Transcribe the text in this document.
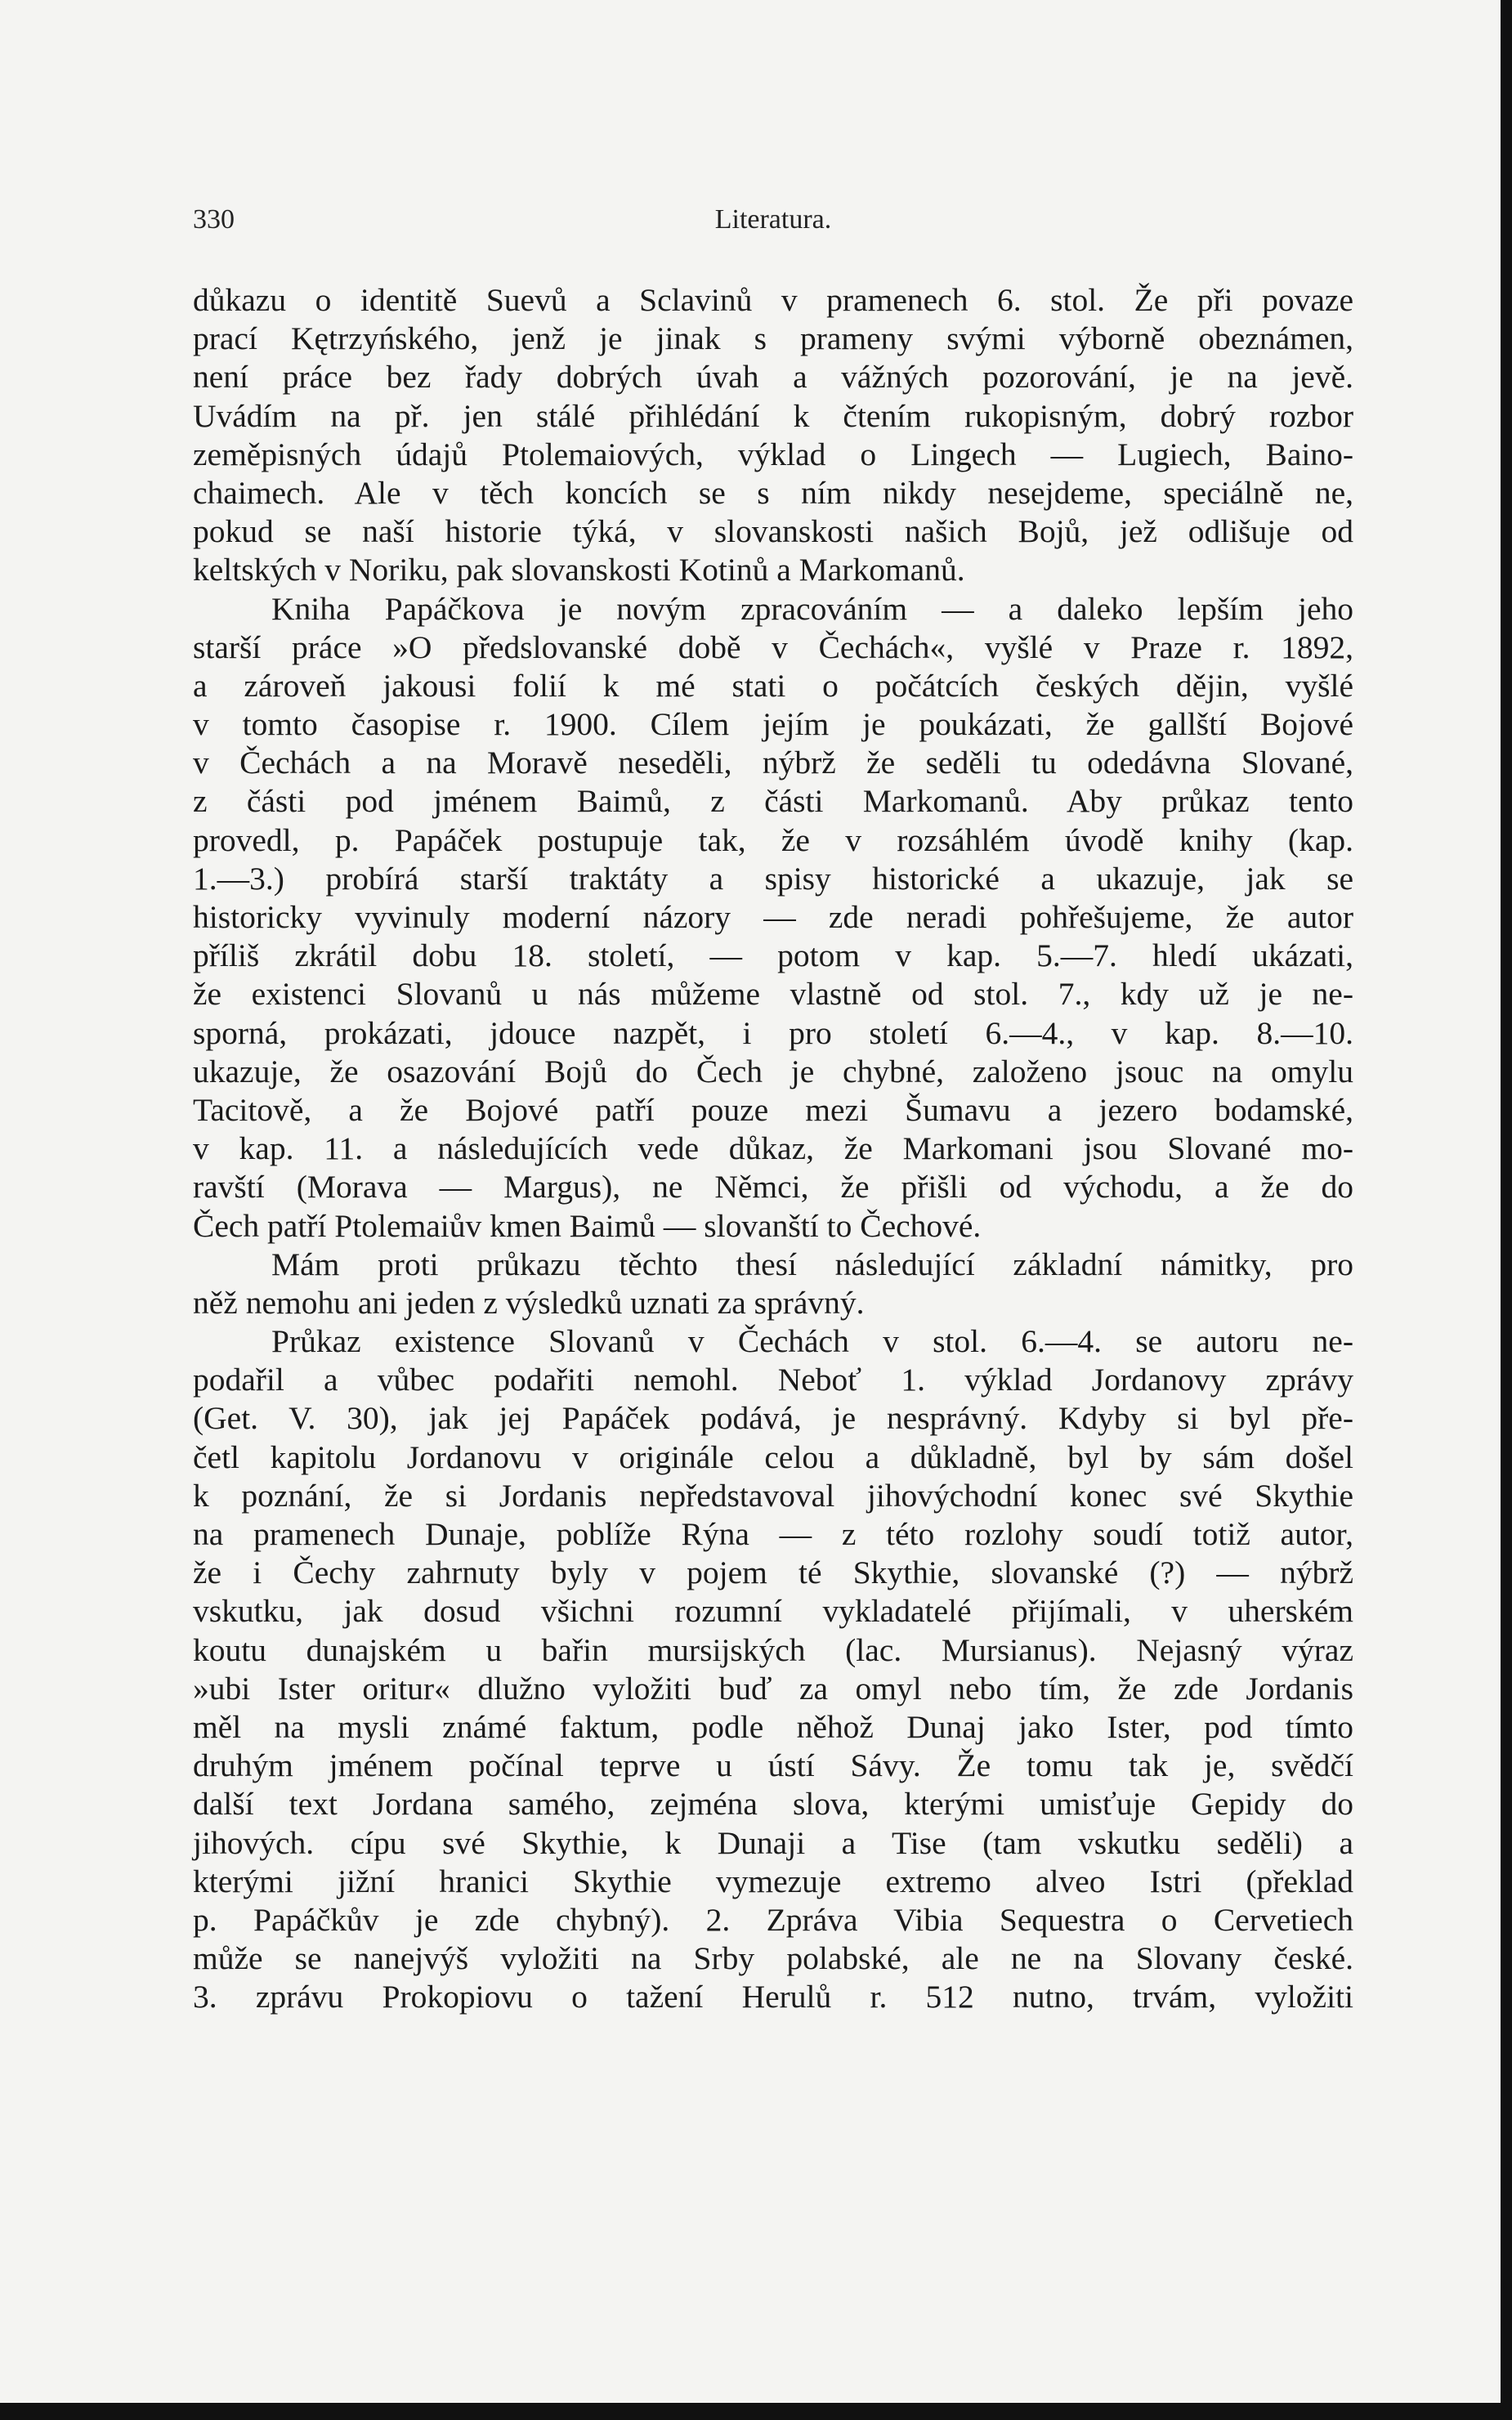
330	Literatura.
důkazu o identitě Suevů a Sclavinů v pramenech 6. stol. Že při povaze
prací Kętrzyńského, jenž je jinak s prameny svými výborně obeznámen,
není práce bez řady dobrých úvah a vážných pozorování, je na jevě.
Uvádím na př. jen stálé přihlédání k čtením rukopisným, dobrý rozbor
zeměpisných údajů Ptolemaiových, výklad o Lingech — Lugiech, Baino-
chaimech. Ale v těch koncích se s ním nikdy nesejdeme, speciálně ne,
pokud se naší historie týká, v slovanskosti našich Bojů, jež odlišuje od
keltských v Noriku, pak slovanskosti Kotinů a Markomanů.
Kniha Papáčkova je novým zpracováním — a daleko lepším jeho
starší práce »O předslovanské době v Čechách«, vyšlé v Praze r. 1892,
a zároveň jakousi folií k mé stati o počátcích českých dějin, vyšlé
v tomto časopise r. 1900. Cílem jejím je poukázati, že gallští Bojové
v Čechách a na Moravě neseděli, nýbrž že seděli tu odedávna Slované,
z části pod jménem Baimů, z části Markomanů. Aby průkaz tento
provedl, p. Papáček postupuje tak, že v rozsáhlém úvodě knihy (kap.
1.—3.) probírá starší traktáty a spisy historické a ukazuje, jak se
historicky vyvinuly moderní názory — zde neradi pohřešujeme, že autor
příliš zkrátil dobu 18. století, — potom v kap. 5.—7. hledí ukázati,
že existenci Slovanů u nás můžeme vlastně od stol. 7., kdy už je ne-
sporná, prokázati, jdouce nazpět, i pro století 6.—4., v kap. 8.—10.
ukazuje, že osazování Bojů do Čech je chybné, založeno jsouc na omylu
Tacitově, a že Bojové patří pouze mezi Šumavu a jezero bodamské,
v kap. 11. a následujících vede důkaz, že Markomani jsou Slované mo-
ravští (Morava — Margus), ne Němci, že přišli od východu, a že do
Čech patří Ptolemaiův kmen Baimů — slovanští to Čechové.
Mám proti průkazu těchto thesí následující základní námitky, pro
něž nemohu ani jeden z výsledků uznati za správný.
Průkaz existence Slovanů v Čechách v stol. 6.—4. se autoru ne-
podařil a vůbec podařiti nemohl. Neboť 1. výklad Jordanovy zprávy
(Get. V. 30), jak jej Papáček podává, je nesprávný. Kdyby si byl pře-
četl kapitolu Jordanovu v originále celou a důkladně, byl by sám došel
k poznání, že si Jordanis nepředstavoval jihovýchodní konec své Skythie
na pramenech Dunaje, poblíže Rýna — z této rozlohy soudí totiž autor,
že i Čechy zahrnuty byly v pojem té Skythie, slovanské (?) — nýbrž
vskutku, jak dosud všichni rozumní vykladatelé přijímali, v uherském
koutu dunajském u bařin mursijských (lac. Mursianus). Nejasný výraz
»ubi Ister oritur« dlužno vyložiti buď za omyl nebo tím, že zde Jordanis
měl na mysli známé faktum, podle něhož Dunaj jako Ister, pod tímto
druhým jménem počínal teprve u ústí Sávy. Že tomu tak je, svědčí
další text Jordana samého, zejména slova, kterými umisťuje Gepidy do
jihových. cípu své Skythie, k Dunaji a Tise (tam vskutku seděli) a
kterými jižní hranici Skythie vymezuje extremo alveo Istri (překlad
p. Papáčkův je zde chybný). 2. Zpráva Vibia Sequestra o Cervetiech
může se nanejvýš vyložiti na Srby polabské, ale ne na Slovany české.
3. zprávu Prokopiovu o tažení Herulů r. 512 nutno, trvám, vyložiti
